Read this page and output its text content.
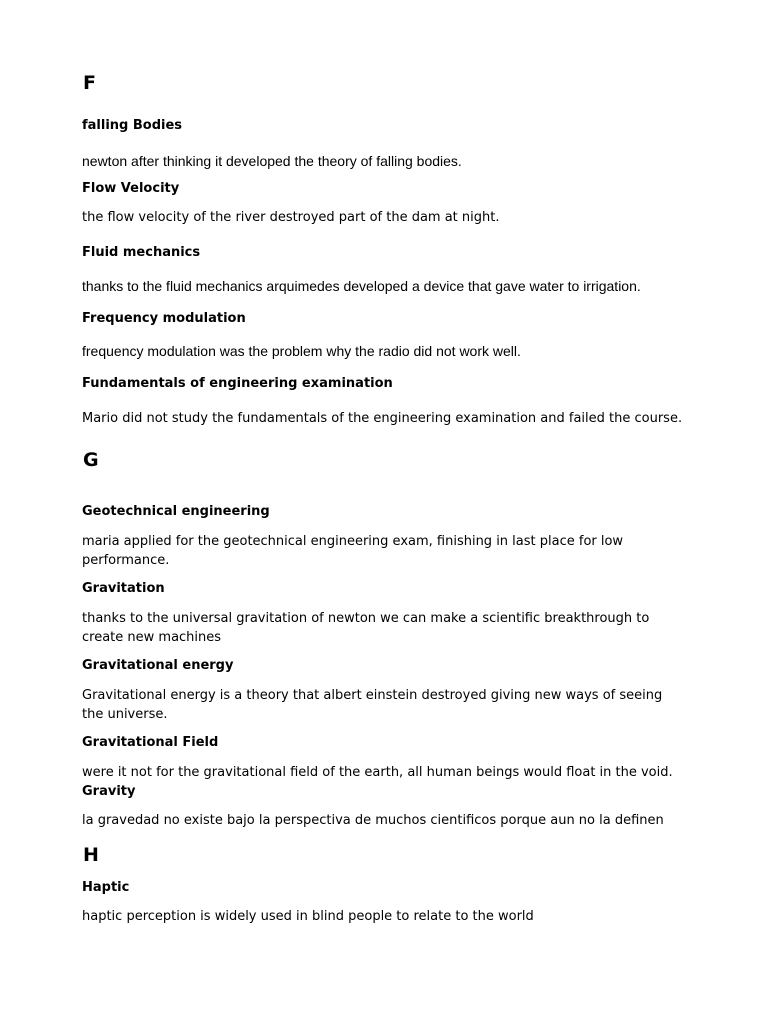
F

falling Bodies

newton after thinking it developed the theory of falling bodies.

Flow Velocity

the flow velocity of the river destroyed part of the dam at night.

Fluid mechanics

thanks to the fluid mechanics arquimedes developed a device that gave water to irrigation.

Frequency modulation

frequency modulation was the problem why the radio did not work well.

Fundamentals of engineering examination

Mario did not study the fundamentals of the engineering examination and failed the course.

G

Geotechnical engineering

maria applied for the geotechnical engineering exam, finishing in last place for low performance.

Gravitation

thanks to the universal gravitation of newton we can make a scientific breakthrough to create new machines

Gravitational energy

Gravitational energy is a theory that albert einstein destroyed giving new ways of seeing the universe.

Gravitational Field

were it not for the gravitational field of the earth, all human beings would float in the void.

Gravity

la gravedad no existe bajo la perspectiva de muchos cientificos porque aun no la definen

H

Haptic

haptic perception is widely used in blind people to relate to the world
